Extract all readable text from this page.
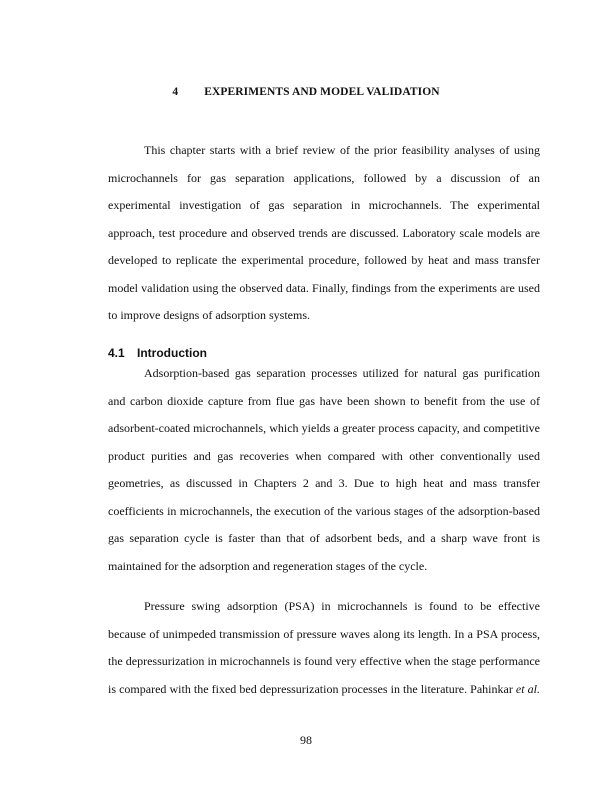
4 EXPERIMENTS AND MODEL VALIDATION
This chapter starts with a brief review of the prior feasibility analyses of using
microchannels for gas separation applications, followed by a discussion of an
experimental investigation of gas separation in microchannels. The experimental
approach, test procedure and observed trends are discussed. Laboratory scale models are
developed to replicate the experimental procedure, followed by heat and mass transfer
model validation using the observed data. Finally, findings from the experiments are used
to improve designs of adsorption systems.
4.1 Introduction
Adsorption-based gas separation processes utilized for natural gas purification
and carbon dioxide capture from flue gas have been shown to benefit from the use of
adsorbent-coated microchannels, which yields a greater process capacity, and competitive
product purities and gas recoveries when compared with other conventionally used
geometries, as discussed in Chapters 2 and 3. Due to high heat and mass transfer
coefficients in microchannels, the execution of the various stages of the adsorption-based
gas separation cycle is faster than that of adsorbent beds, and a sharp wave front is
maintained for the adsorption and regeneration stages of the cycle.
Pressure swing adsorption (PSA) in microchannels is found to be effective
because of unimpeded transmission of pressure waves along its length. In a PSA process,
the depressurization in microchannels is found very effective when the stage performance
is compared with the fixed bed depressurization processes in the literature. Pahinkar et al.
98
